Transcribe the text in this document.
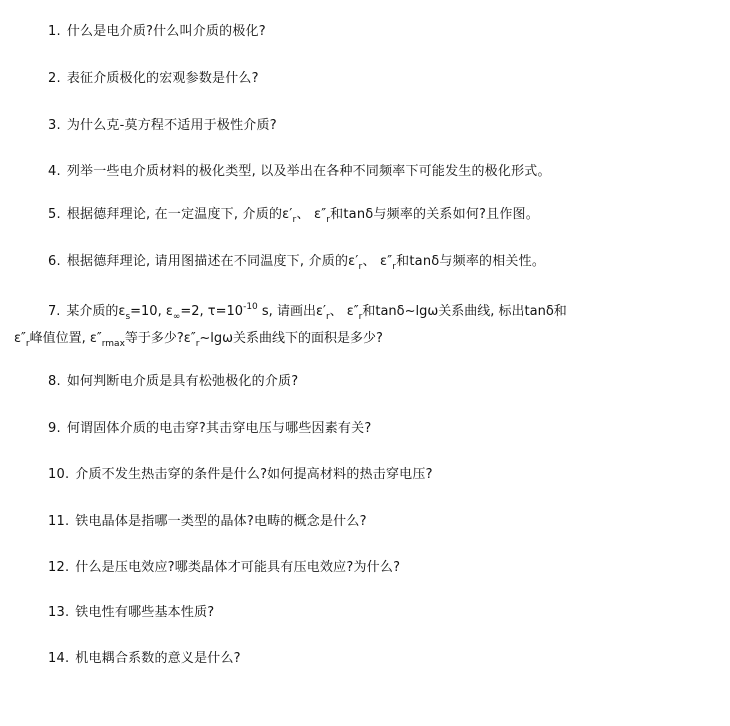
1. 什么是电介质?什么叫介质的极化?
2. 表征介质极化的宏观参数是什么?
3. 为什么克-莫方程不适用于极性介质?
4. 列举一些电介质材料的极化类型, 以及举出在各种不同频率下可能发生的极化形式。
5. 根据德拜理论, 在一定温度下, 介质的$\varepsilon'_r$、 $\varepsilon''_r$和tanδ与频率的关系如何?且作图。
6. 根据德拜理论, 请用图描述在不同温度下, 介质的$\varepsilon'_r$、 $\varepsilon''_r$和tanδ与频率的相关性。
7. 某介质的$\varepsilon_s=10$, $\varepsilon_\infty=2$, $\tau=10^{-10}$ s, 请画出$\varepsilon'_r$、 $\varepsilon''_r$和tanδ~lgω关系曲线, 标出tanδ和
$\varepsilon''_r$峰值位置, $\varepsilon''_{rmax}$等于多少$?\varepsilon''_r\sim\lg\omega$关系曲线下的面积是多少?
8. 如何判断电介质是具有松弛极化的介质?
9. 何谓固体介质的电击穿?其击穿电压与哪些因素有关?
10. 介质不发生热击穿的条件是什么?如何提高材料的热击穿电压?
11. 铁电晶体是指哪一类型的晶体?电畴的概念是什么?
12. 什么是压电效应?哪类晶体才可能具有压电效应?为什么?
13. 铁电性有哪些基本性质?
14. 机电耦合系数的意义是什么?
